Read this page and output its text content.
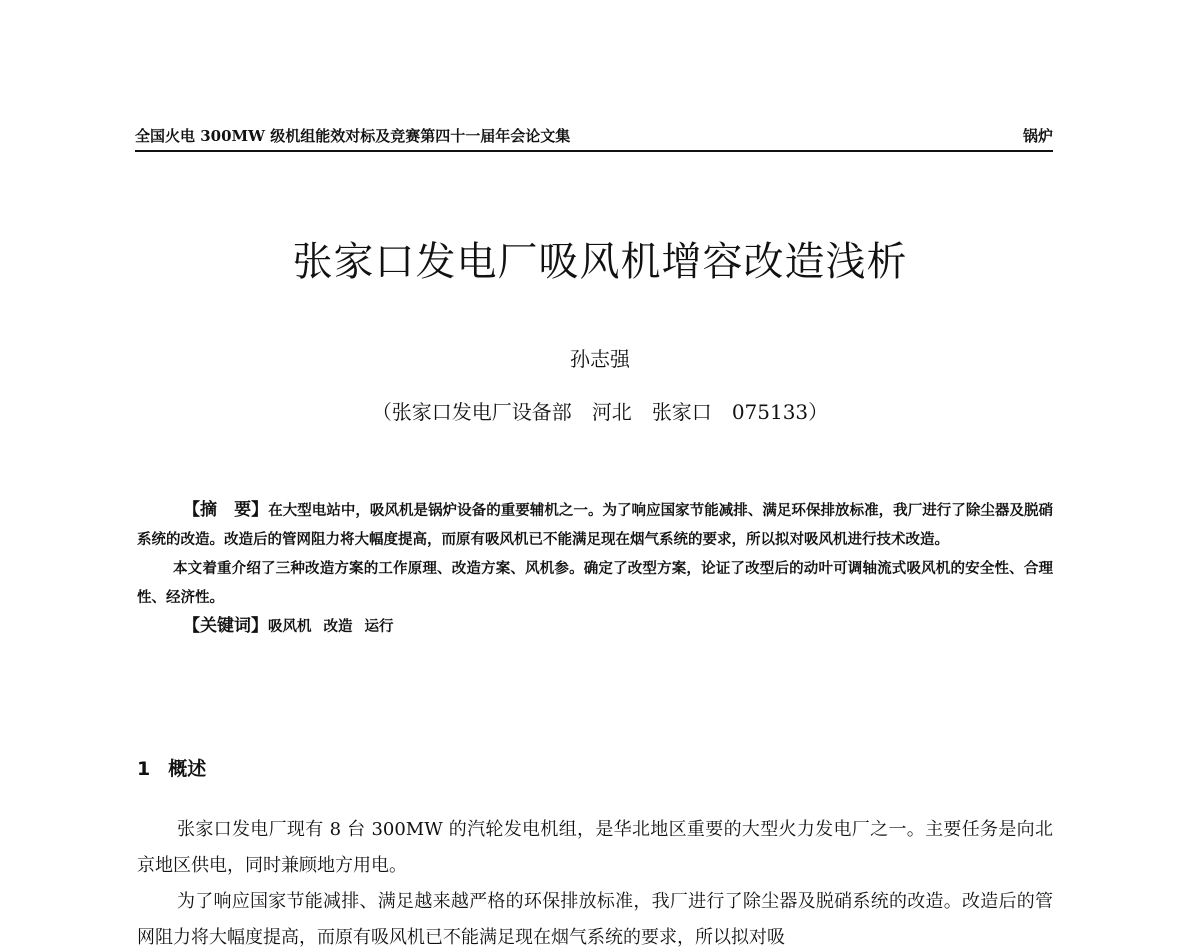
全国火电 300MW 级机组能效对标及竞赛第四十一届年会论文集	锅炉
张家口发电厂吸风机增容改造浅析
孙志强
（张家口发电厂设备部 河北 张家口 075133）

【摘　要】在大型电站中，吸风机是锅炉设备的重要辅机之一。为了响应国家节能减排、满足环保排放标准，我厂进行了除尘器及脱硝系统的改造。改造后的管网阻力将大幅度提高，而原有吸风机已不能满足现在烟气系统的要求，所以拟对吸风机进行技术改造。

本文着重介绍了三种改造方案的工作原理、改造方案、风机参。确定了改型方案，论证了改型后的动叶可调轴流式吸风机的安全性、合理性、经济性。

【关键词】吸风机 改造 运行

1 概述

张家口发电厂现有 8 台 300MW 的汽轮发电机组，是华北地区重要的大型火力发电厂之一。主要任务是向北京地区供电，同时兼顾地方用电。

为了响应国家节能减排、满足越来越严格的环保排放标准，我厂进行了除尘器及脱硝系统的改造。改造后的管网阻力将大幅度提高，而原有吸风机已不能满足现在烟气系统的要求，所以拟对吸
